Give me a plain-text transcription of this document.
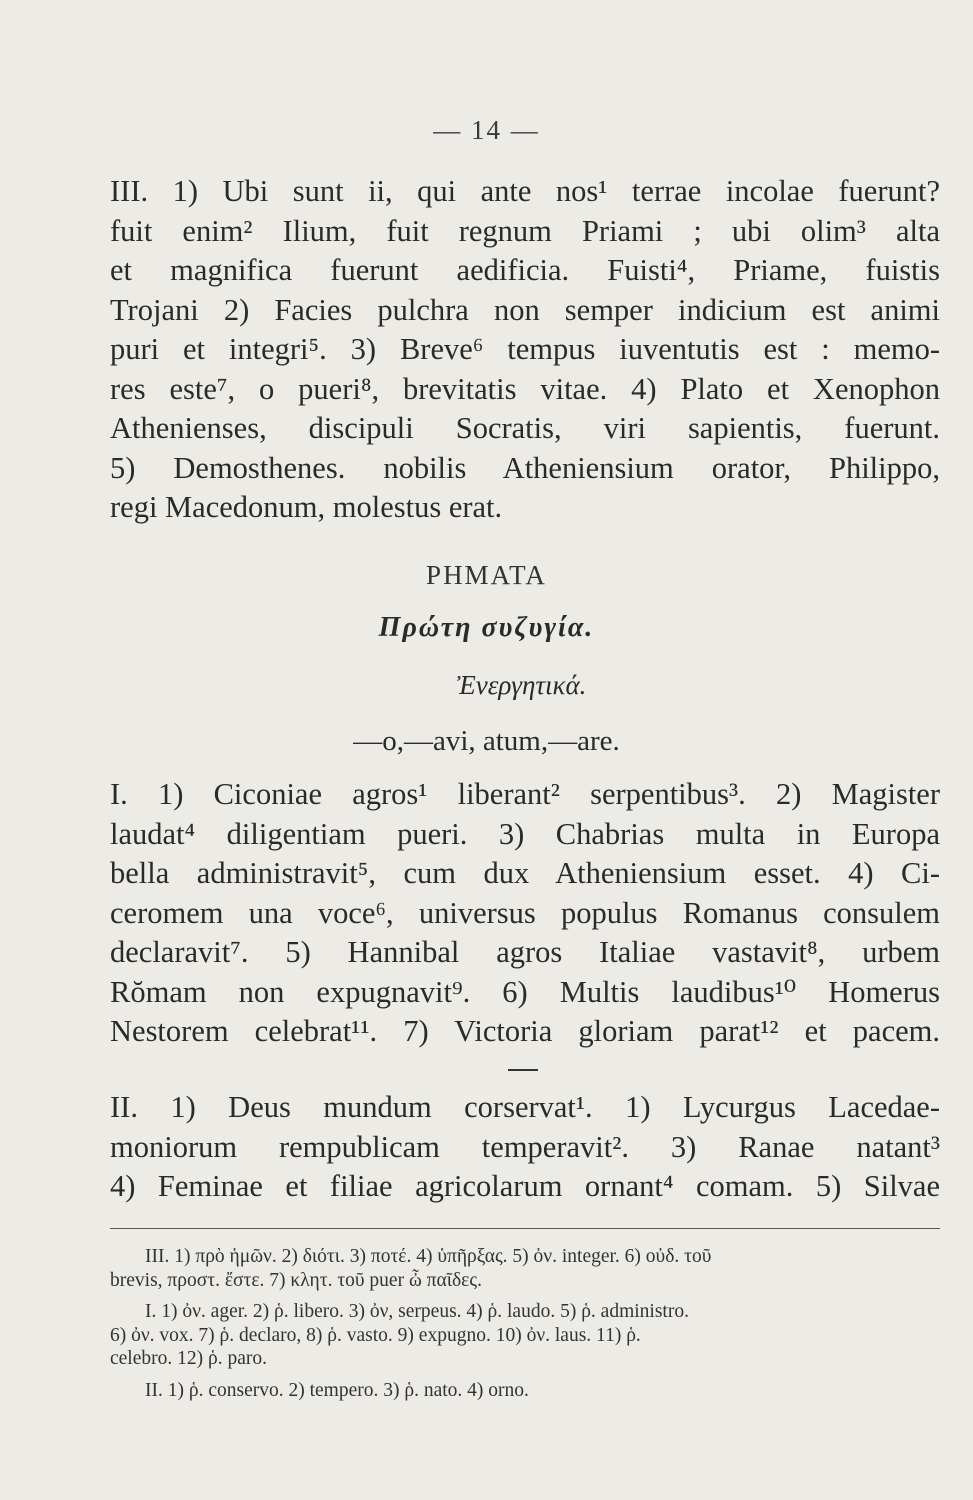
— 14 —
III. 1) Ubi sunt ii, qui ante nos¹ terrae incolae fuerunt?
fuit enim² Ilium, fuit regnum Priami ; ubi olim³ alta
et magnifica fuerunt aedificia. Fuisti⁴, Priame, fuistis
Trojani 2) Facies pulchra non semper indicium est animi
puri et integri⁵. 3) Breve⁶ tempus iuventutis est : memo-
res este⁷, o pueri⁸, brevitatis vitae. 4) Plato et Xenophon
Athenienses, discipuli Socratis, viri sapientis, fuerunt.
5) Demosthenes. nobilis Atheniensium orator, Philippo,
regi Macedonum, molestus erat.
ΡΗΜΑΤΑ
Πρώτη συζυγία.
Ἐνεργητικά.
—o,—avi, atum,—are.
I. 1) Ciconiae agros¹ liberant² serpentibus³. 2) Magister
laudat⁴ diligentiam pueri. 3) Chabrias multa in Europa
bella administravit⁵, cum dux Atheniensium esset. 4) Ci-
ceromem una voce⁶, universus populus Romanus consulem
declaravit⁷. 5) Hannibal agros Italiae vastavit⁸, urbem
Rŏmam non expugnavit⁹. 6) Multis laudibus¹⁰ Homerus
Nestorem celebrat¹¹. 7) Victoria gloriam parat¹² et pacem.
II. 1) Deus mundum corservat¹. 1) Lycurgus Lacedae-
moniorum rempublicam temperavit². 3) Ranae natant³
4) Feminae et filiae agricolarum ornant⁴ comam. 5) Silvae
III. 1) πρὸ ἡμῶν. 2) διότι. 3) ποτέ. 4) ὑπῆρξας. 5) ὀν. integer. 6) οὐδ. τοῦ
brevis, προστ. ἔστε. 7) κλητ. τοῦ puer ὦ παῖδες.
I. 1) ὀν. ager. 2) ῥ. libero. 3) ὀν, serpeus. 4) ῥ. laudo. 5) ῥ. administro.
6) ὀν. vox. 7) ῥ. declaro, 8) ῥ. vasto. 9) expugno. 10) ὀν. laus. 11) ῥ.
celebro. 12) ῥ. paro.
II. 1) ῥ. conservo. 2) tempero. 3) ῥ. nato. 4) orno.
